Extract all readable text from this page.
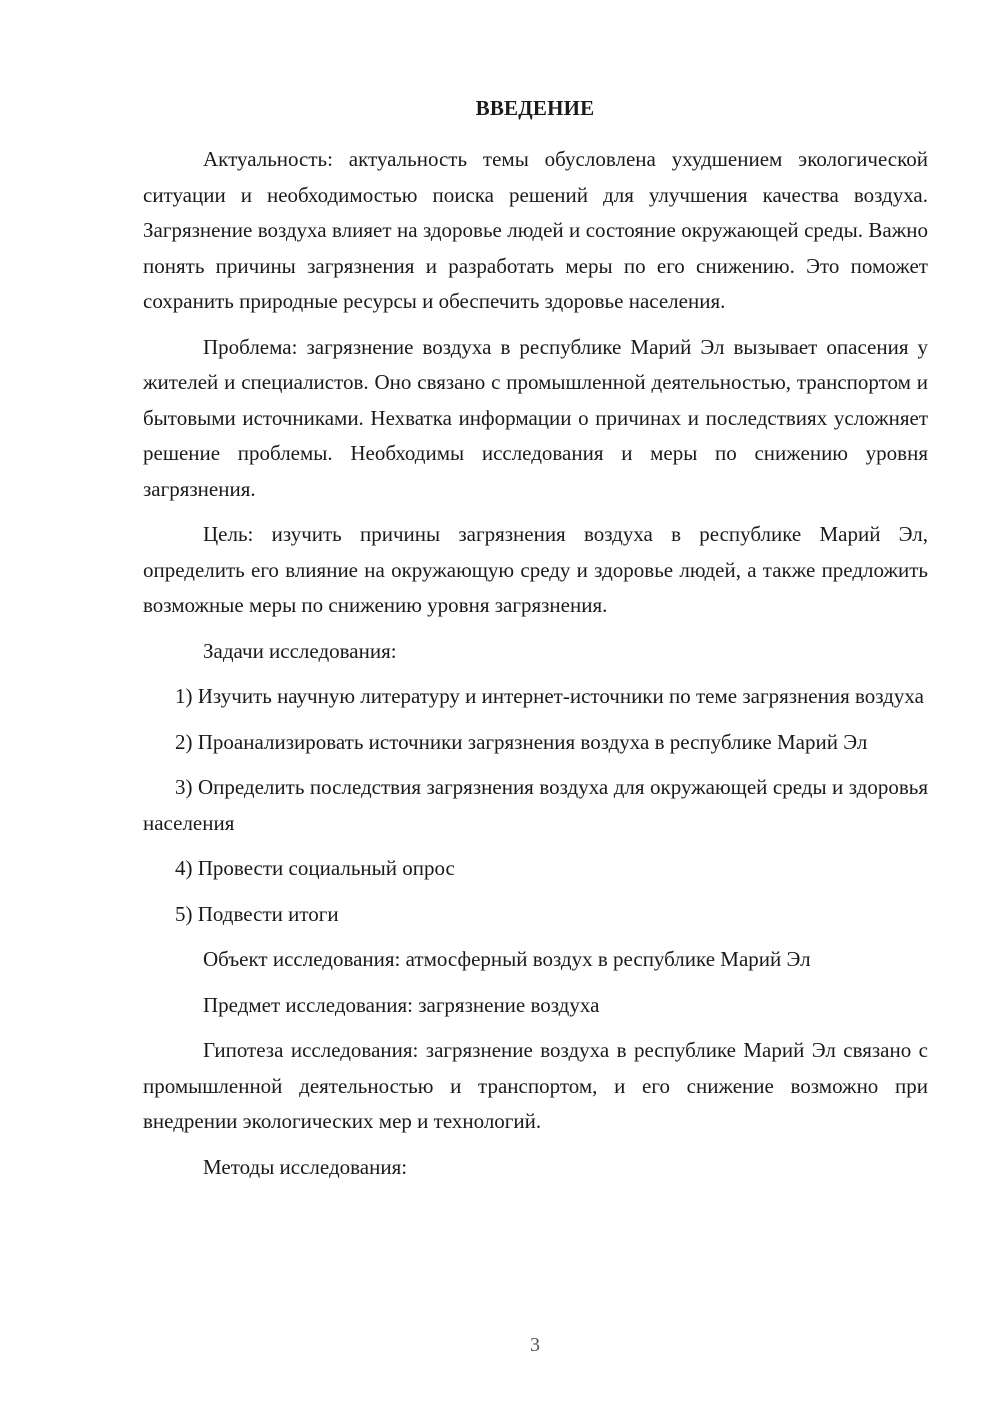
ВВЕДЕНИЕ

Актуальность: актуальность темы обусловлена ухудшением экологической ситуации и необходимостью поиска решений для улучшения качества воздуха. Загрязнение воздуха влияет на здоровье людей и состояние окружающей среды. Важно понять причины загрязнения и разработать меры по его снижению. Это поможет сохранить природные ресурсы и обеспечить здоровье населения.

Проблема: загрязнение воздуха в республике Марий Эл вызывает опасения у жителей и специалистов. Оно связано с промышленной деятельностью, транспортом и бытовыми источниками. Нехватка информации о причинах и последствиях усложняет решение проблемы. Необходимы исследования и меры по снижению уровня загрязнения.

Цель: изучить причины загрязнения воздуха в республике Марий Эл, определить его влияние на окружающую среду и здоровье людей, а также предложить возможные меры по снижению уровня загрязнения.

Задачи исследования:

1) Изучить научную литературу и интернет-источники по теме загрязнения воздуха

2) Проанализировать источники загрязнения воздуха в республике Марий Эл

3) Определить последствия загрязнения воздуха для окружающей среды и здоровья населения

4) Провести социальный опрос

5) Подвести итоги

Объект исследования: атмосферный воздух в республике Марий Эл

Предмет исследования: загрязнение воздуха

Гипотеза исследования: загрязнение воздуха в республике Марий Эл связано с промышленной деятельностью и транспортом, и его снижение возможно при внедрении экологических мер и технологий.

Методы исследования:

3
